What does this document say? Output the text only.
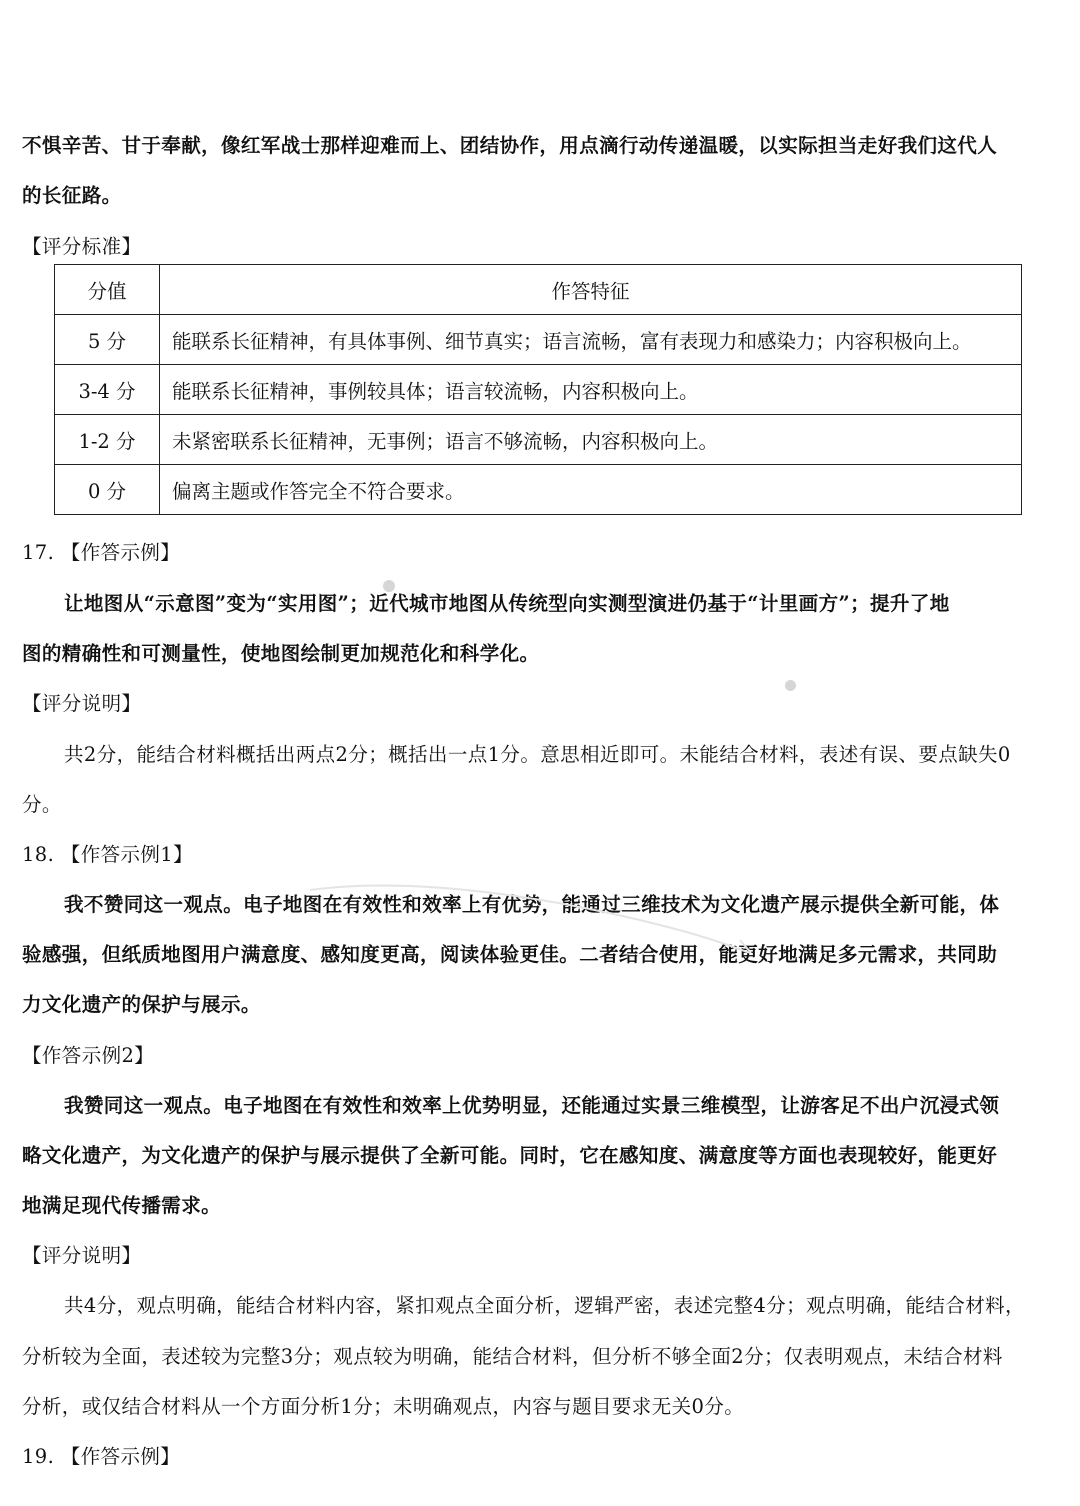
不惧辛苦、甘于奉献，像红军战士那样迎难而上、团结协作，用点滴行动传递温暖，以实际担当走好我们这代人
的长征路。
【评分标准】
分值	作答特征
5 分	能联系长征精神，有具体事例、细节真实；语言流畅，富有表现力和感染力；内容积极向上。
3-4 分	能联系长征精神，事例较具体；语言较流畅，内容积极向上。
1-2 分	未紧密联系长征精神，无事例；语言不够流畅，内容积极向上。
0 分	偏离主题或作答完全不符合要求。
17. 【作答示例】
让地图从“示意图”变为“实用图”；近代城市地图从传统型向实测型演进仍基于“计里画方”；提升了地
图的精确性和可测量性，使地图绘制更加规范化和科学化。
【评分说明】
共2分，能结合材料概括出两点2分；概括出一点1分。意思相近即可。未能结合材料，表述有误、要点缺失0
分。
18. 【作答示例1】
我不赞同这一观点。电子地图在有效性和效率上有优势，能通过三维技术为文化遗产展示提供全新可能，体
验感强，但纸质地图用户满意度、感知度更高，阅读体验更佳。二者结合使用，能更好地满足多元需求，共同助
力文化遗产的保护与展示。
【作答示例2】
我赞同这一观点。电子地图在有效性和效率上优势明显，还能通过实景三维模型，让游客足不出户沉浸式领
略文化遗产，为文化遗产的保护与展示提供了全新可能。同时，它在感知度、满意度等方面也表现较好，能更好
地满足现代传播需求。
【评分说明】
共4分，观点明确，能结合材料内容，紧扣观点全面分析，逻辑严密，表述完整4分；观点明确，能结合材料，
分析较为全面，表述较为完整3分；观点较为明确，能结合材料，但分析不够全面2分；仅表明观点，未结合材料
分析，或仅结合材料从一个方面分析1分；未明确观点，内容与题目要求无关0分。
19. 【作答示例】
